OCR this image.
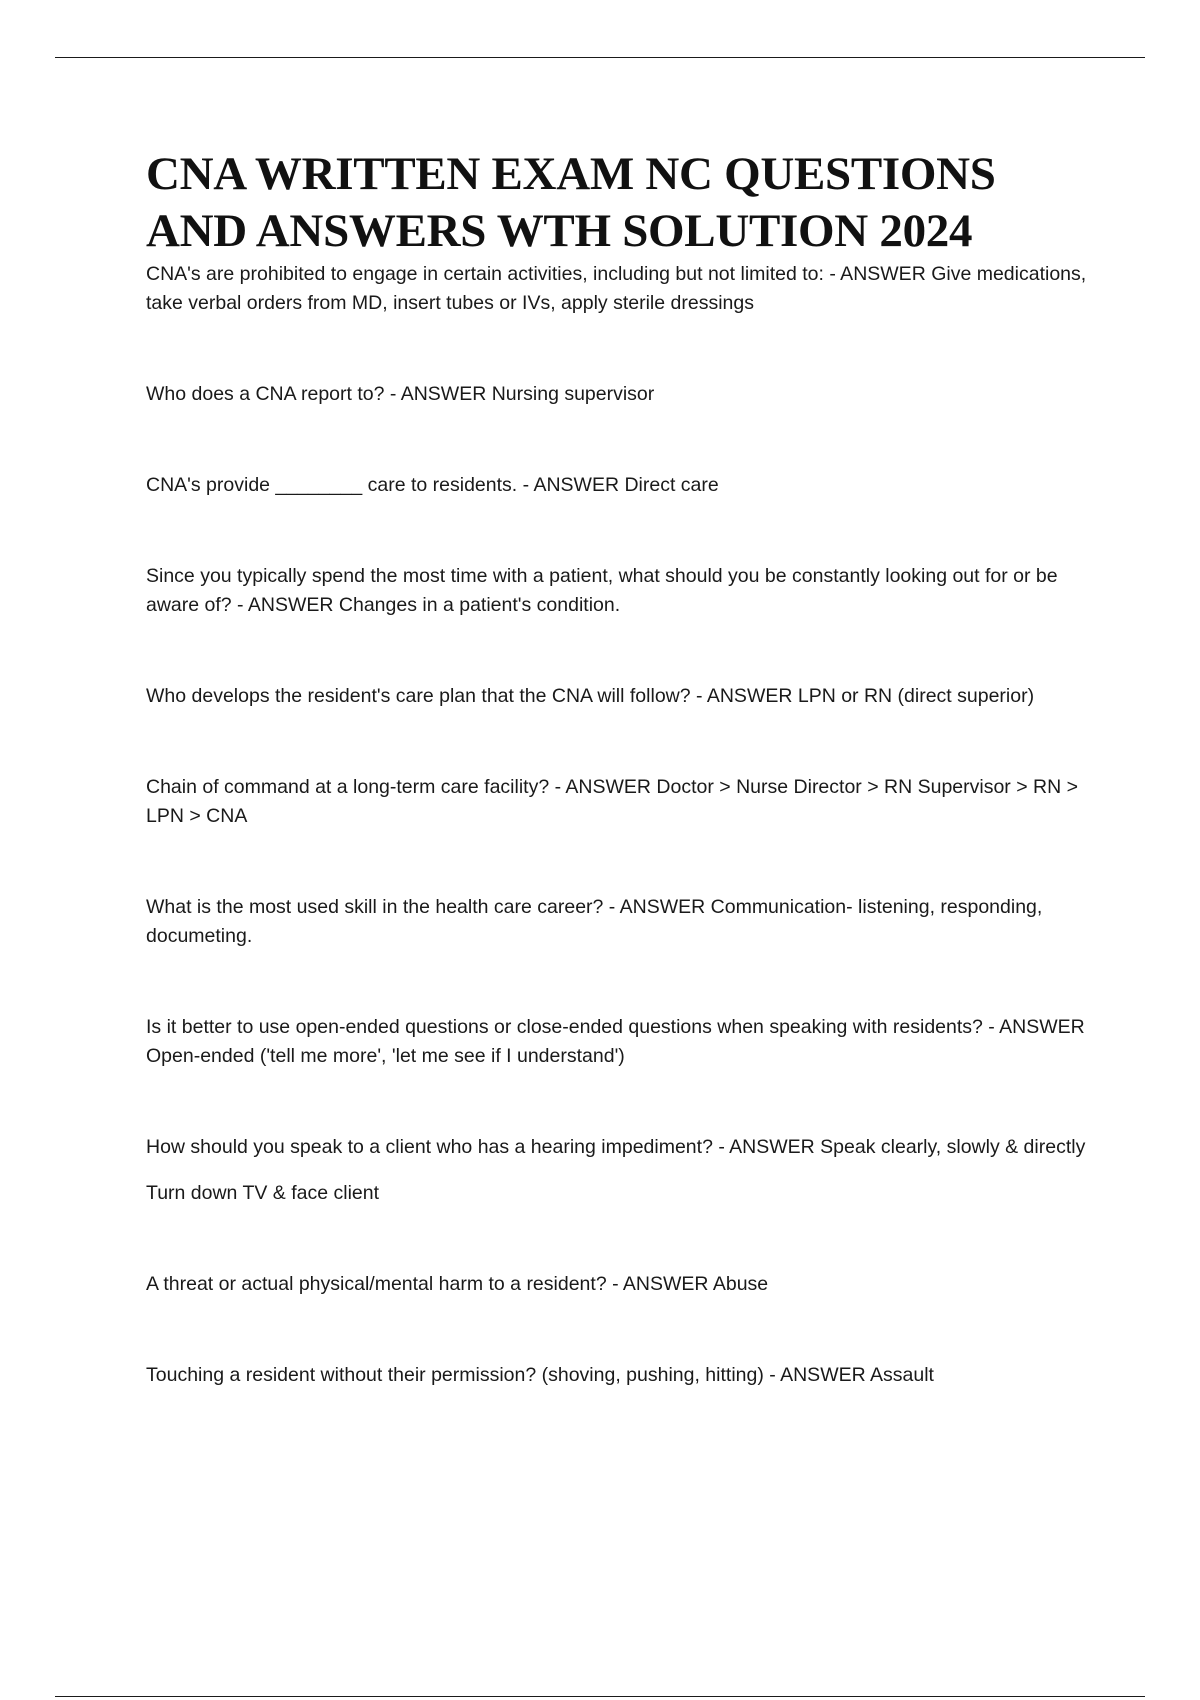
CNA WRITTEN EXAM NC QUESTIONS
AND ANSWERS WTH SOLUTION 2024

CNA's are prohibited to engage in certain activities, including but not limited to: - ANSWER Give medications, take verbal orders from MD, insert tubes or IVs, apply sterile dressings

Who does a CNA report to? - ANSWER Nursing supervisor

CNA's provide ________ care to residents. - ANSWER Direct care

Since you typically spend the most time with a patient, what should you be constantly looking out for or be aware of? - ANSWER Changes in a patient's condition.

Who develops the resident's care plan that the CNA will follow? - ANSWER LPN or RN (direct superior)

Chain of command at a long-term care facility? - ANSWER Doctor > Nurse Director > RN Supervisor > RN > LPN > CNA

What is the most used skill in the health care career? - ANSWER Communication- listening, responding, documeting.

Is it better to use open-ended questions or close-ended questions when speaking with residents? - ANSWER Open-ended ('tell me more', 'let me see if I understand')

How should you speak to a client who has a hearing impediment? - ANSWER Speak clearly, slowly & directly

Turn down TV & face client

A threat or actual physical/mental harm to a resident? - ANSWER Abuse

Touching a resident without their permission? (shoving, pushing, hitting) - ANSWER Assault
